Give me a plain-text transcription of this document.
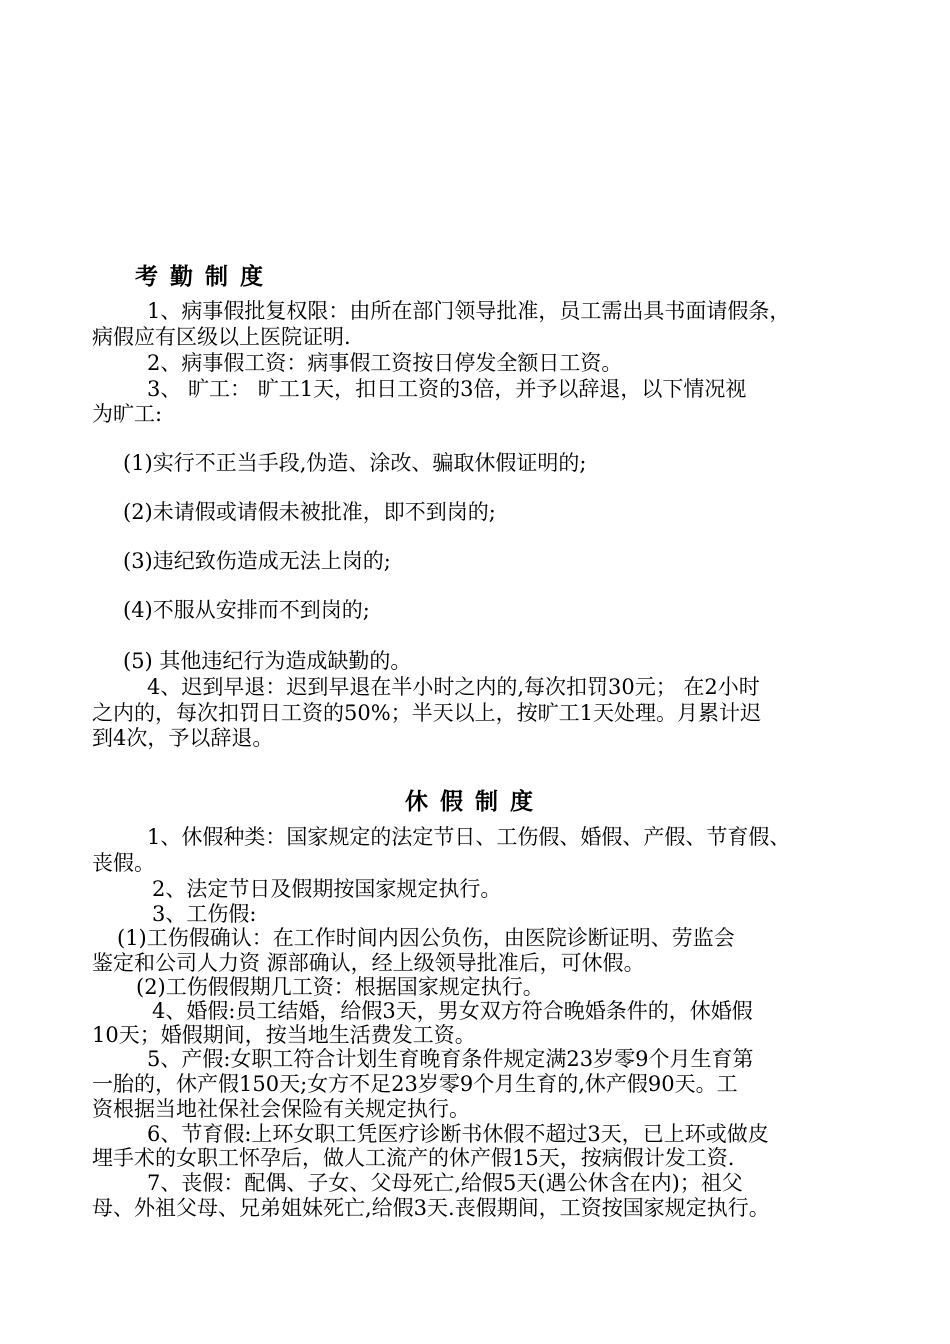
考勤制度
1、病事假批复权限：由所在部门领导批准，员工需出具书面请假条，
病假应有区级以上医院证明.
2、病事假工资：病事假工资按日停发全额日工资。
3、 旷工： 旷工1天，扣日工资的3倍，并予以辞退，以下情况视
为旷工:
(1)实行不正当手段,伪造、涂改、骗取休假证明的;
(2)未请假或请假未被批准，即不到岗的;
(3)违纪致伤造成无法上岗的;
(4)不服从安排而不到岗的;
(5) 其他违纪行为造成缺勤的。
4、迟到早退：迟到早退在半小时之内的,每次扣罚30元； 在2小时
之内的，每次扣罚日工资的50%；半天以上，按旷工1天处理。月累计迟
到4次，予以辞退。
休假制度
1、休假种类：国家规定的法定节日、工伤假、婚假、产假、节育假、
丧假。
2、法定节日及假期按国家规定执行。
3、工伤假:
(1)工伤假确认：在工作时间内因公负伤，由医院诊断证明、劳监会
鉴定和公司人力资 源部确认，经上级领导批准后，可休假。
(2)工伤假假期几工资：根据国家规定执行。
4、婚假:员工结婚，给假3天，男女双方符合晚婚条件的，休婚假
10天；婚假期间，按当地生活费发工资。
5、产假:女职工符合计划生育晚育条件规定满23岁零9个月生育第
一胎的，休产假150天;女方不足23岁零9个月生育的,休产假90天。工
资根据当地社保社会保险有关规定执行。
6、节育假:上环女职工凭医疗诊断书休假不超过3天，已上环或做皮
埋手术的女职工怀孕后，做人工流产的休产假15天，按病假计发工资.
7、丧假：配偶、子女、父母死亡,给假5天(遇公休含在内)；祖父
母、外祖父母、兄弟姐妹死亡,给假3天.丧假期间，工资按国家规定执行。
